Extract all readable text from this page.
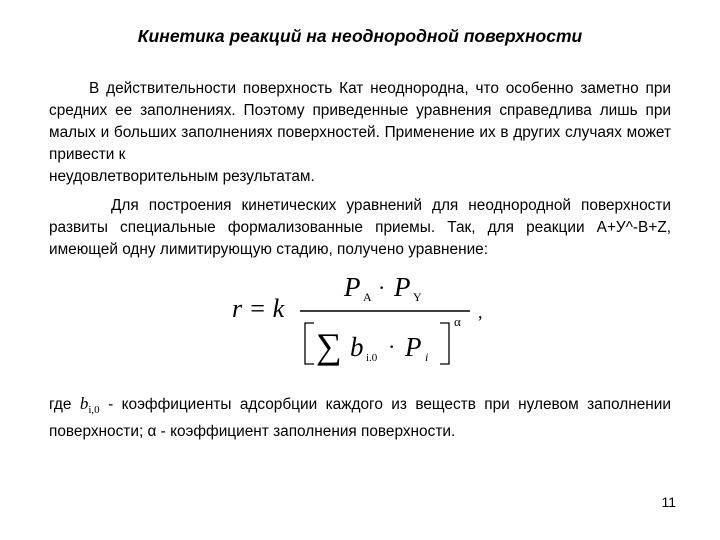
Кинетика реакций на неоднородной поверхности

В действительности поверхность Кат неоднородна, что особенно заметно при средних ее заполнениях. Поэтому приведенные уравнения справедлива лишь при малых и больших заполнениях поверхностей. Применение их в других случаях может привести к
неудовлетворительным результатам.

Для построения кинетических уравнений для неоднородной поверхности развиты специальные формализованные приемы. Так, для реакции А+У^-В+Z, имеющей одну лимитирующую стадию, получено уравнение:

r = k
P A · P Y
∑ b i.0 · P i
α ,

где $b_{i,0}$ - коэффициенты адсорбции каждого из веществ при нулевом заполнении поверхности; α - коэффициент заполнения поверхности.

11
